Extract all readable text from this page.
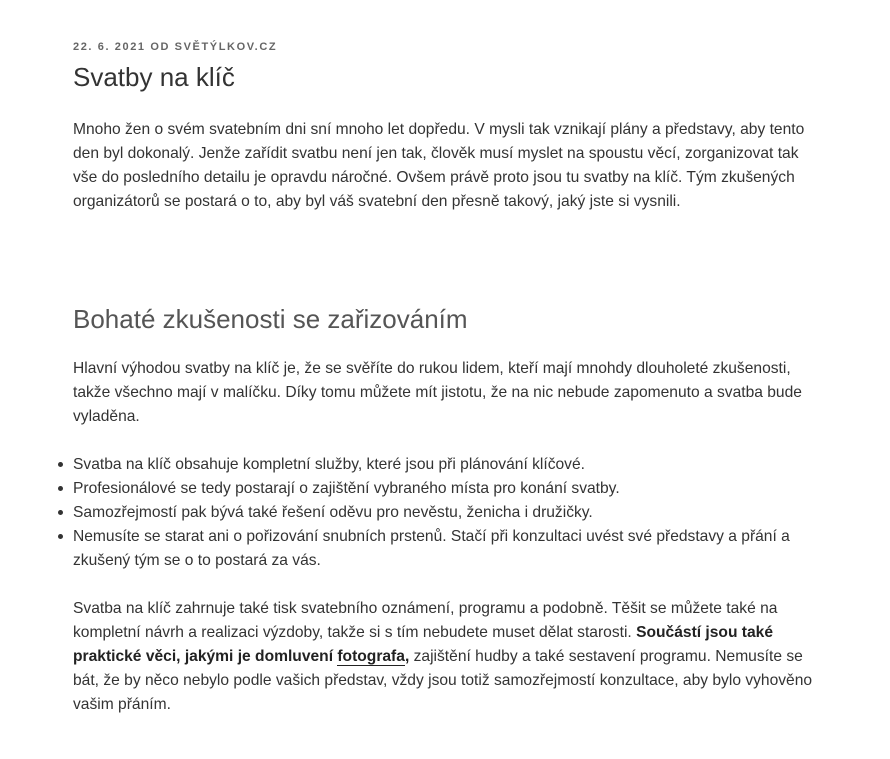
22. 6. 2021 OD SVĚTÝLKOV.CZ
Svatby na klíč

Mnoho žen o svém svatebním dni sní mnoho let dopředu. V mysli tak vznikají plány a představy, aby tento den byl dokonalý. Jenže zařídit svatbu není jen tak, člověk musí myslet na spoustu věcí, zorganizovat tak vše do posledního detailu je opravdu náročné. Ovšem právě proto jsou tu svatby na klíč. Tým zkušených organizátorů se postará o to, aby byl váš svatební den přesně takový, jaký jste si vysnili.

Bohaté zkušenosti se zařizováním

Hlavní výhodou svatby na klíč je, že se svěříte do rukou lidem, kteří mají mnohdy dlouholeté zkušenosti, takže všechno mají v malíčku. Díky tomu můžete mít jistotu, že na nic nebude zapomenuto a svatba bude vyladěna.

Svatba na klíč obsahuje kompletní služby, které jsou při plánování klíčové.
Profesionálové se tedy postarají o zajištění vybraného místa pro konání svatby.
Samozřejmostí pak bývá také řešení oděvu pro nevěstu, ženicha i družičky.
Nemusíte se starat ani o pořizování snubních prstenů. Stačí při konzultaci uvést své představy a přání a zkušený tým se o to postará za vás.

Svatba na klíč zahrnuje také tisk svatebního oznámení, programu a podobně. Těšit se můžete také na kompletní návrh a realizaci výzdoby, takže si s tím nebudete muset dělat starosti. Součástí jsou také praktické věci, jakými je domluvení fotografa, zajištění hudby a také sestavení programu. Nemusíte se bát, že by něco nebylo podle vašich představ, vždy jsou totiž samozřejmostí konzultace, aby bylo vyhověno vašim přáním.
